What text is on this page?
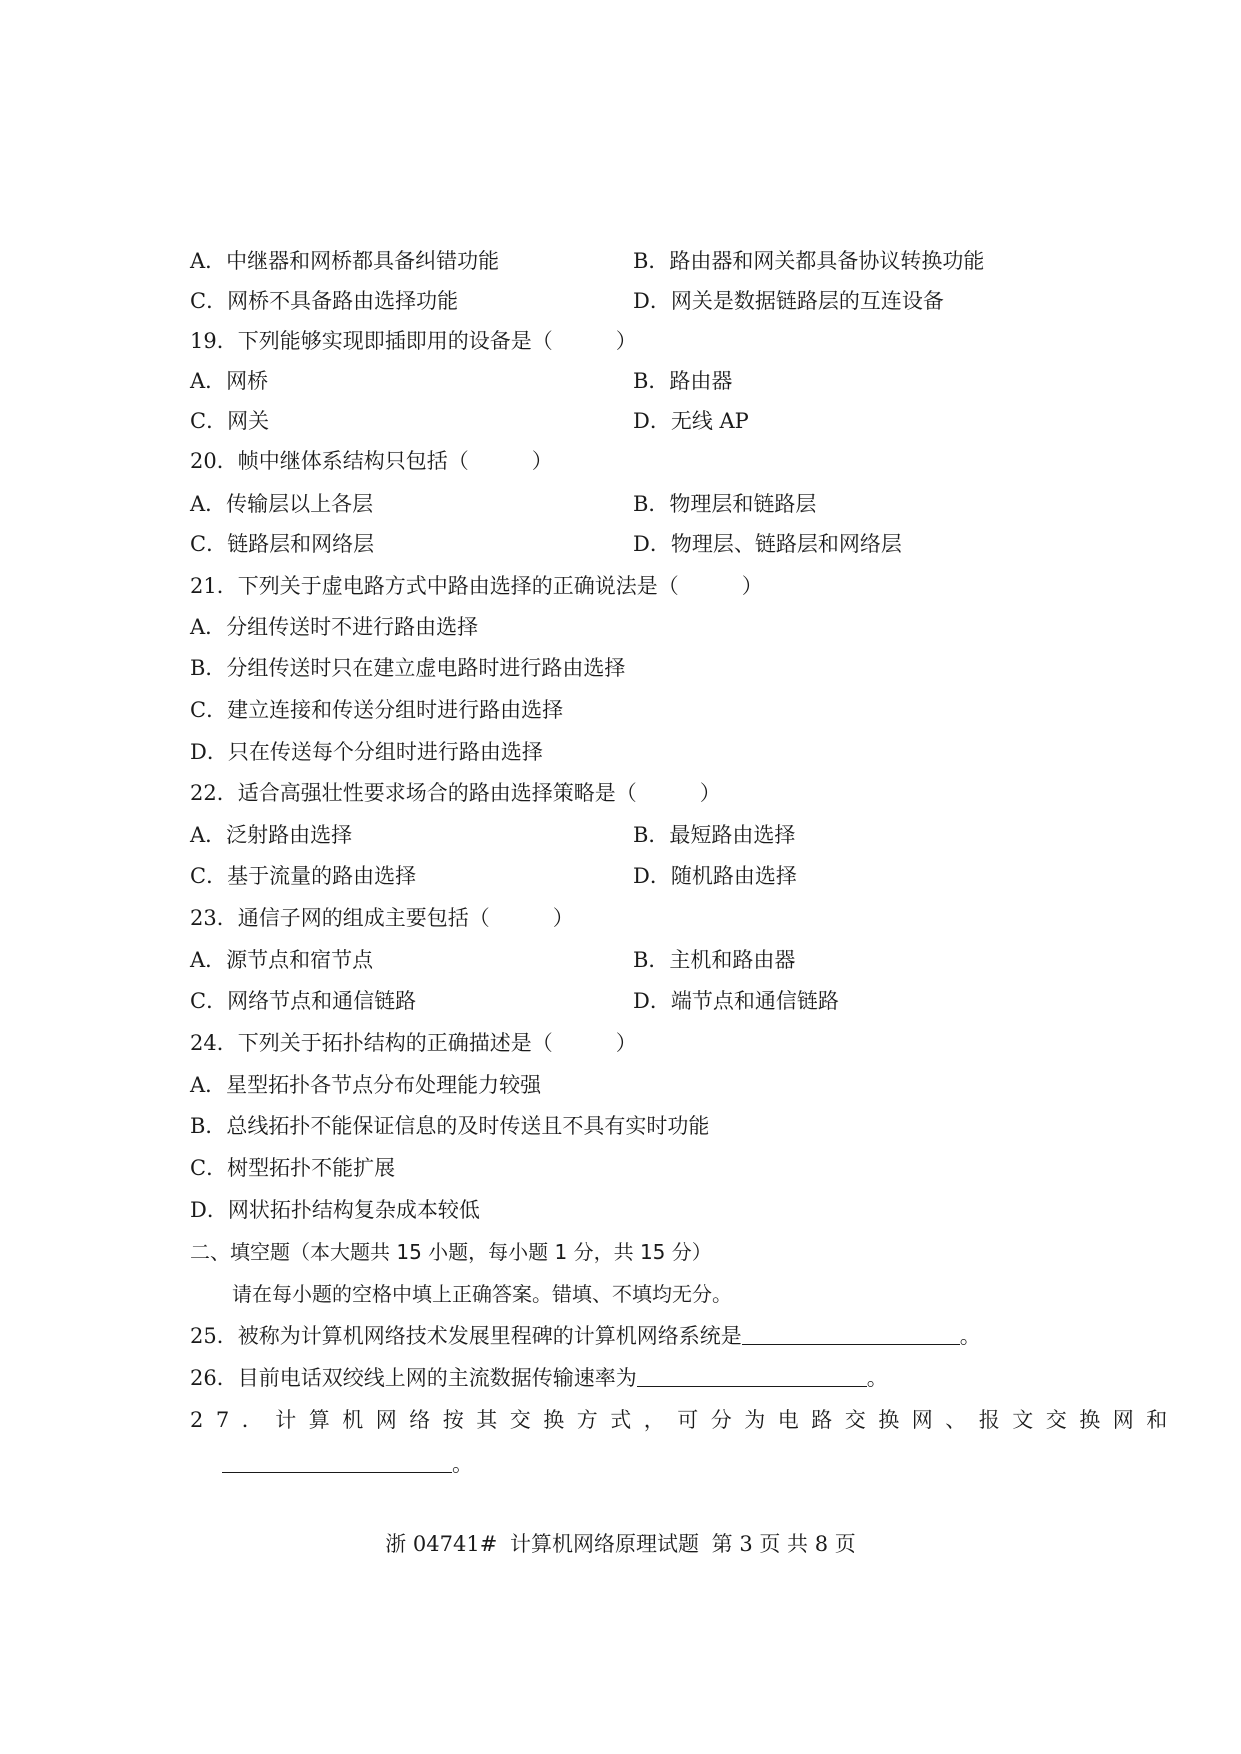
A．中继器和网桥都具备纠错功能	B．路由器和网关都具备协议转换功能
C．网桥不具备路由选择功能	D．网关是数据链路层的互连设备
19．下列能够实现即插即用的设备是（　　　）
A．网桥	B．路由器
C．网关	D．无线 AP
20．帧中继体系结构只包括（　　　）
A．传输层以上各层	B．物理层和链路层
C．链路层和网络层	D．物理层、链路层和网络层
21．下列关于虚电路方式中路由选择的正确说法是（　　　）
A．分组传送时不进行路由选择
B．分组传送时只在建立虚电路时进行路由选择
C．建立连接和传送分组时进行路由选择
D．只在传送每个分组时进行路由选择
22．适合高强壮性要求场合的路由选择策略是（　　　）
A．泛射路由选择	B．最短路由选择
C．基于流量的路由选择	D．随机路由选择
23．通信子网的组成主要包括（　　　）
A．源节点和宿节点	B．主机和路由器
C．网络节点和通信链路	D．端节点和通信链路
24．下列关于拓扑结构的正确描述是（　　　）
A．星型拓扑各节点分布处理能力较强
B．总线拓扑不能保证信息的及时传送且不具有实时功能
C．树型拓扑不能扩展
D．网状拓扑结构复杂成本较低
二、填空题（本大题共 15 小题，每小题 1 分，共 15 分）
请在每小题的空格中填上正确答案。错填、不填均无分。
25．被称为计算机网络技术发展里程碑的计算机网络系统是	。
26．目前电话双绞线上网的主流数据传输速率为	。
27．计算机网络按其交换方式，可分为电路交换网、报文交换网和
。
浙 04741# 计算机网络原理试题 第 3 页 共 8 页
